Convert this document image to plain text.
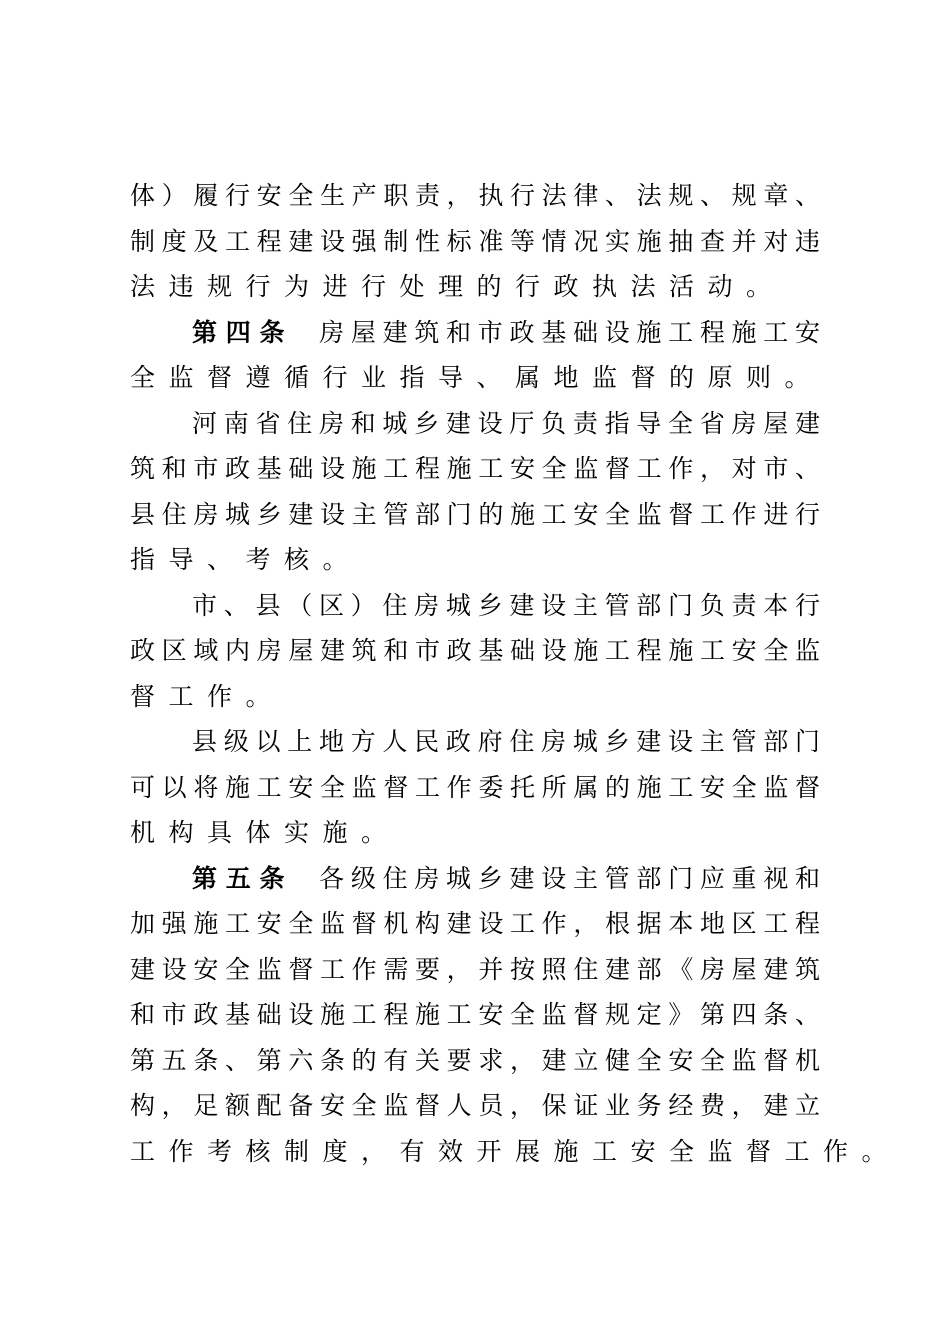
体）履行安全生产职责，执行法律、法规、规章、
制度及工程建设强制性标准等情况实施抽查并对违
法违规行为进行处理的行政执法活动。
第四条 房屋建筑和市政基础设施工程施工安
全监督遵循行业指导、属地监督的原则。
河南省住房和城乡建设厅负责指导全省房屋建
筑和市政基础设施工程施工安全监督工作，对市、
县住房城乡建设主管部门的施工安全监督工作进行
指导、考核。
市、县（区）住房城乡建设主管部门负责本行
政区域内房屋建筑和市政基础设施工程施工安全监
督工作。
县级以上地方人民政府住房城乡建设主管部门
可以将施工安全监督工作委托所属的施工安全监督
机构具体实施。
第五条 各级住房城乡建设主管部门应重视和
加强施工安全监督机构建设工作，根据本地区工程
建设安全监督工作需要，并按照住建部《房屋建筑
和市政基础设施工程施工安全监督规定》第四条、
第五条、第六条的有关要求，建立健全安全监督机
构，足额配备安全监督人员，保证业务经费，建立
工作考核制度，有效开展施工安全监督工作。
